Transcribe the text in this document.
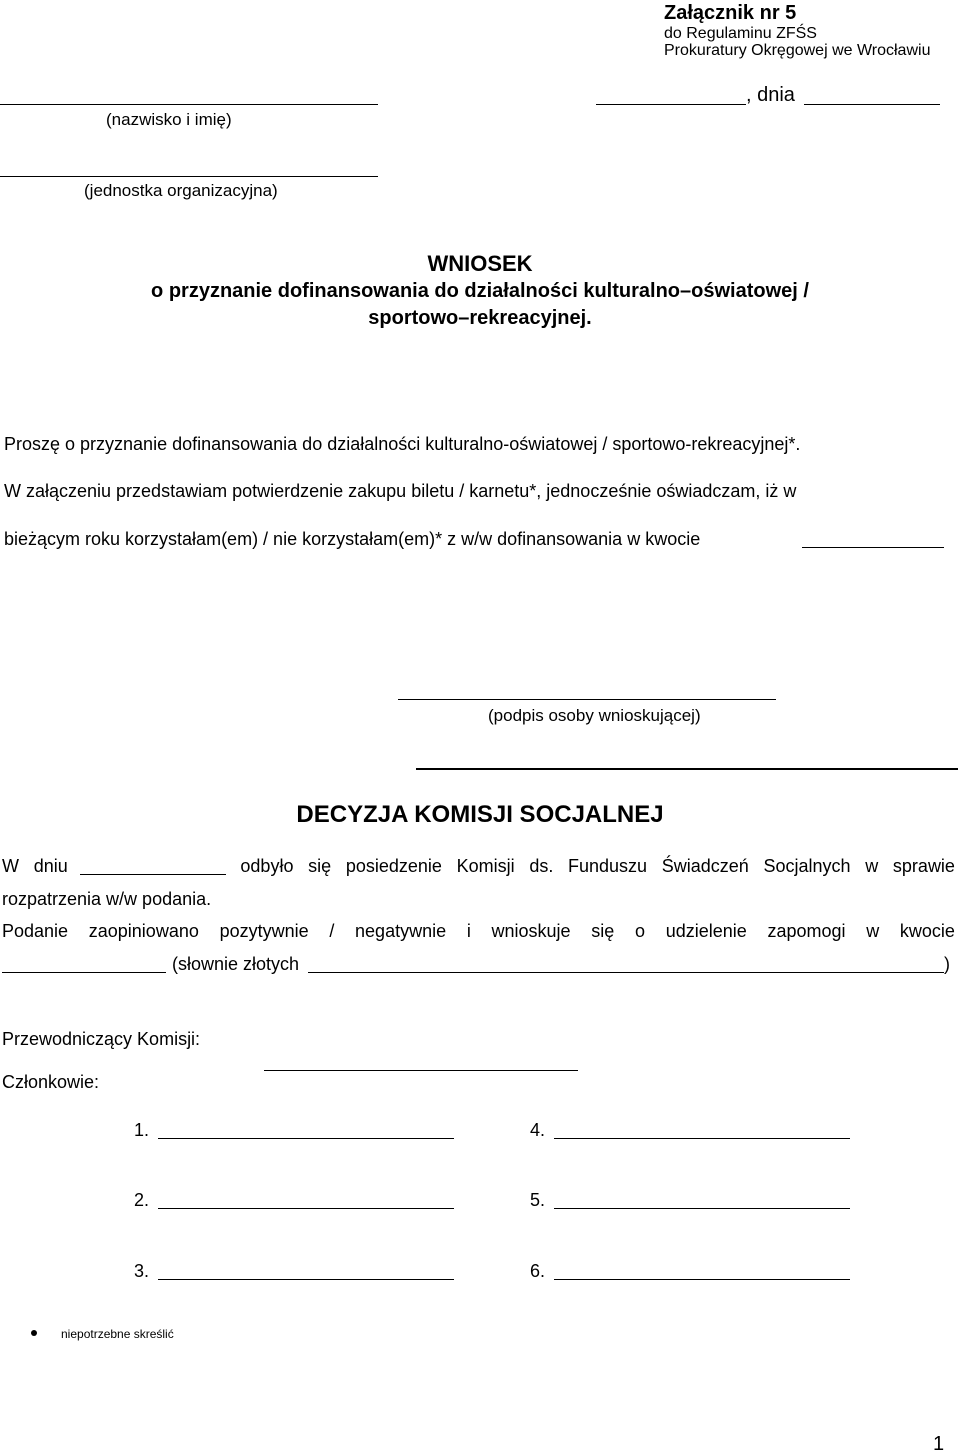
Załącznik nr 5
do Regulaminu ZFŚS
Prokuratury Okręgowej we Wrocławiu
(nazwisko i imię)
, dnia
(jednostka organizacyjna)
WNIOSEK
o przyznanie dofinansowania do działalności kulturalno–oświatowej /
sportowo–rekreacyjnej.
Proszę o przyznanie dofinansowania do działalności kulturalno-oświatowej / sportowo-rekreacyjnej*.
W załączeniu przedstawiam potwierdzenie zakupu biletu / karnetu*, jednocześnie oświadczam, iż w
bieżącym roku korzystałam(em) / nie korzystałam(em)* z w/w dofinansowania w kwocie
(podpis osoby wnioskującej)
DECYZJA KOMISJI SOCJALNEJ
W dniu	odbyło się posiedzenie Komisji ds. Funduszu Świadczeń Socjalnych w sprawie
rozpatrzenia w/w podania.
Podanie zaopiniowano pozytywnie / negatywnie i wnioskuje się o udzielenie zapomogi w kwocie
(słownie złotych	)
Przewodniczący Komisji:
Członkowie:
1.	4.
2.	5.
3.	6.
niepotrzebne skreślić
1
